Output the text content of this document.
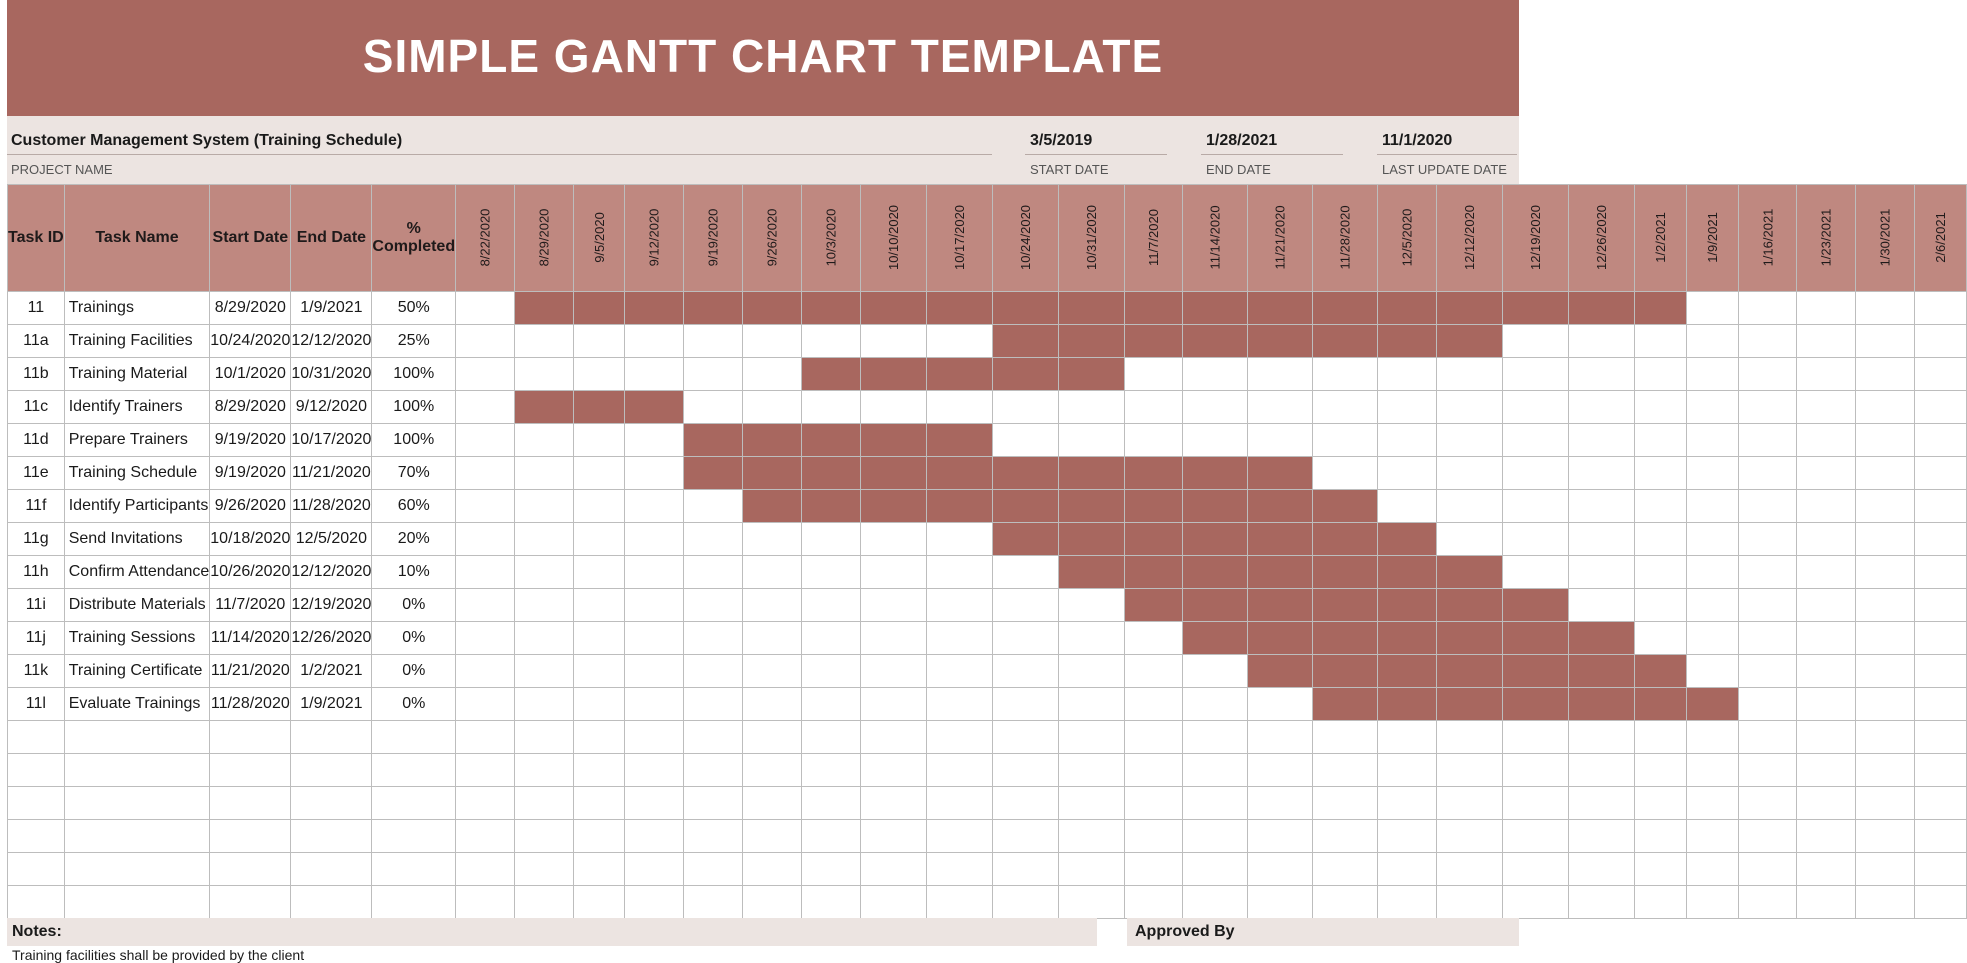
SIMPLE GANTT CHART TEMPLATE
Customer Management System (Training Schedule)
PROJECT NAME
3/5/2019
START DATE
1/28/2021
END DATE
11/1/2020
LAST UPDATE DATE
Task ID	Task Name	Start Date	End Date	% Completed	8/22/2020	8/29/2020	9/5/2020	9/12/2020	9/19/2020	9/26/2020	10/3/2020	10/10/2020	10/17/2020	10/24/2020	10/31/2020	11/7/2020	11/14/2020	11/21/2020	11/28/2020	12/5/2020	12/12/2020	12/19/2020	12/26/2020	1/2/2021	1/9/2021	1/16/2021	1/23/2021	1/30/2021	2/6/2021
11	Trainings	8/29/2020	1/9/2021	50%																									
11a	Training Facilities	10/24/2020	12/12/2020	25%																									
11b	Training Material	10/1/2020	10/31/2020	100%																									
11c	Identify Trainers	8/29/2020	9/12/2020	100%																									
11d	Prepare Trainers	9/19/2020	10/17/2020	100%																									
11e	Training Schedule	9/19/2020	11/21/2020	70%																									
11f	Identify Participants	9/26/2020	11/28/2020	60%																									
11g	Send Invitations	10/18/2020	12/5/2020	20%																									
11h	Confirm Attendance	10/26/2020	12/12/2020	10%																									
11i	Distribute Materials	11/7/2020	12/19/2020	0%																									
11j	Training Sessions	11/14/2020	12/26/2020	0%																									
11k	Training Certificate	11/21/2020	1/2/2021	0%																									
11l	Evaluate Trainings	11/28/2020	1/9/2021	0%																									

Notes:	Approved By
Training facilities shall be provided by the client
